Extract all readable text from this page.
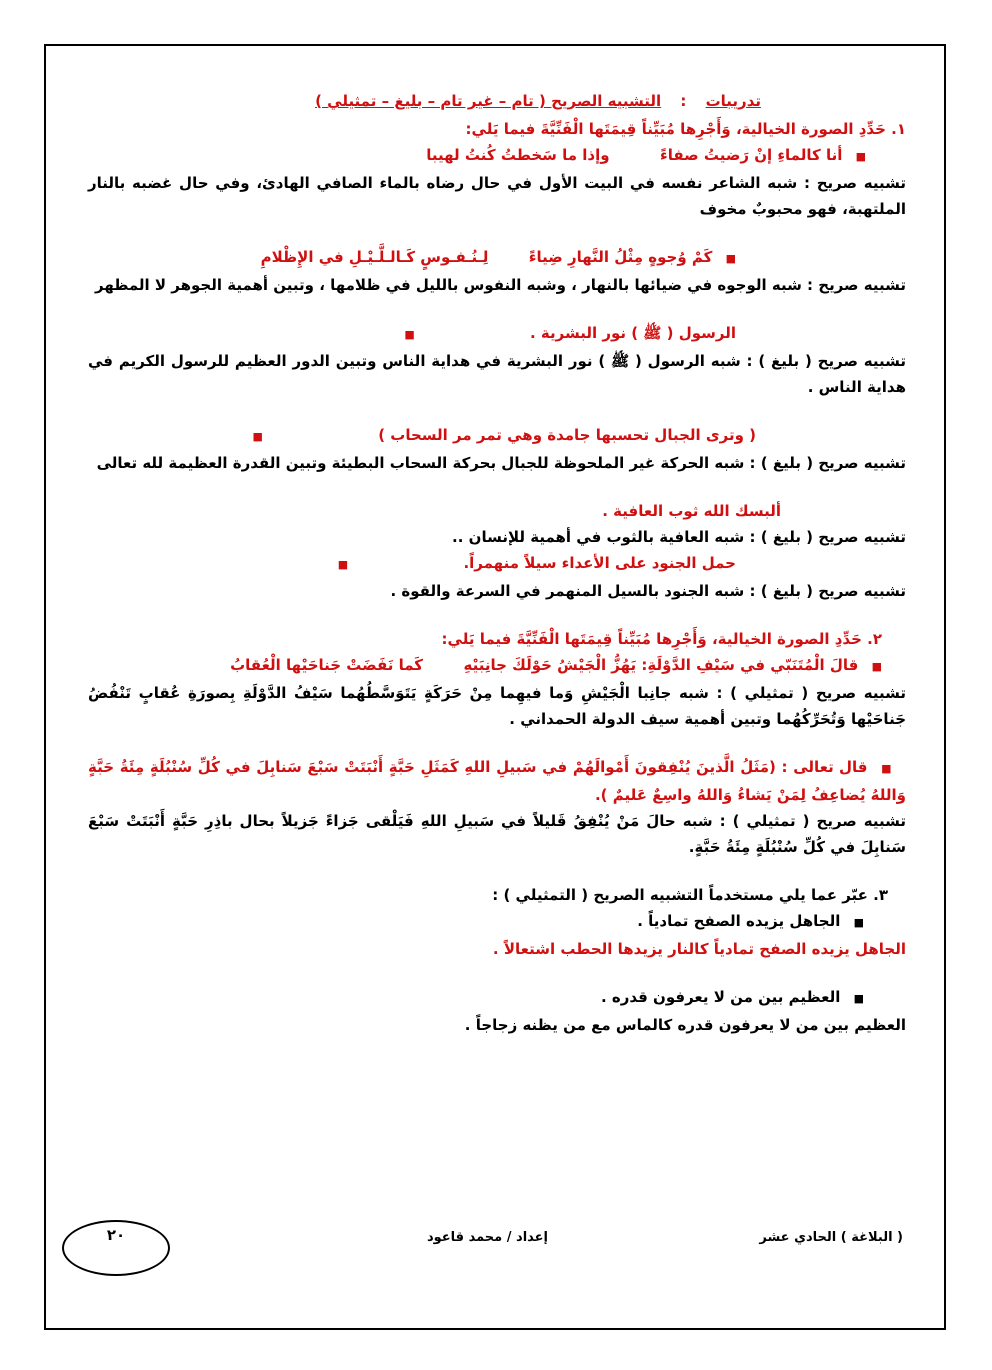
تدريبات : التشبيه الصريح ( تام – غير تام – بليغ – تمثيلي )
١. حَدِّدِ الصورة الخيالية، وَأَجْرِها مُبَيِّناً قِيمَتَها الْفَنِّيَّةَ فيما يَلي:
■ أنا كالماءِ إنْ رَضيتُ صفاءً  وإذا ما سَخطتُ كُنتُ لهيبا
تشبيه صريح : شبه الشاعر نفسه في البيت الأول في حال رضاه بالماء الصافي الهادئ، وفي حال غضبه بالنار الملتهبة، فهو محبوبٌ مخوف
■ كَمْ وُجوهٍ مِثْلُ النَّهارِ ضِياءً  لِـنُـفـوسٍ كَـالـلَّـيْـلِ في الإِظْلامِ
تشبيه صريح : شبه الوجوه في ضيائها بالنهار ، وشبه النفوس بالليل في ظلامها ، وتبين أهمية الجوهر لا المظهر
الرسول ( ﷺ ) نور البشرية . ■
تشبيه صريح ( بليغ ) : شبه الرسول ( ﷺ ) نور البشرية في هداية الناس وتبين الدور العظيم للرسول الكريم في هداية الناس .
( وترى الجبال تحسبها جامدة وهي تمر مر السحاب ) ■
تشبيه صريح ( بليغ ) : شبه الحركة غير الملحوظة للجبال بحركة السحاب البطيئة وتبين القدرة العظيمة لله تعالى
ألبسك الله ثوب العافية .
تشبيه صريح ( بليغ ) : شبه العافية بالثوب في أهمية للإنسان ..
حمل الجنود على الأعداء سيلاً منهمراً. ■
تشبيه صريح ( بليغ ) : شبه الجنود بالسيل المنهمر في السرعة والقوة .
٢. حَدِّدِ الصورة الخيالية، وَأَجْرِها مُبَيِّناً قِيمَتَها الْفَنِّيَّةَ فيما يَلي:
■ قالَ الْمُتَنَبّي في سَيْفِ الدَّوْلَةِ: يَهُزُّ الْجَيْشُ حَوْلَكَ جانِبَيْهِ  كَما نَفَضَتْ جَناحَيْها الْعُقابُ
تشبيه صريح ( تمثيلي ) : شبه جانِبا الْجَيْشِ وَما فيهِما مِنْ حَرَكَةٍ يَتَوَسَّطُهُما سَيْفُ الدَّوْلَةِ بِصورَةِ عُقابٍ تَنْفُضُ جَناحَيْها وَتُحَرِّكُهُما وتبين أهمية سيف الدولة الحمداني .
■ قال تعالى : (مَثَلُ الَّذينَ يُنْفِقونَ أَمْوالَهُمْ في سَبيلِ اللهِ كَمَثَلِ حَبَّةٍ أَنْبَتَتْ سَبْعَ سَنابِلَ في كُلِّ سُنْبُلَةٍ مِئَةُ حَبَّةٍ وَاللهُ يُضاعِفُ لِمَنْ يَشاءُ وَاللهُ واسِعٌ عَليمٌ ).
تشبيه صريح ( تمثيلي ) : شبه حالَ مَنْ يُنْفِقُ قَليلاً في سَبيلِ اللهِ فَيَلْقى جَزاءً جَزيلاً بحال باذِرِ حَبَّةٍ أَنْبَتَتْ سَبْعَ سَنابِلَ في كُلِّ سُنْبُلَةٍ مِئَةُ حَبَّةٍ.
٣. عبّر عما يلي مستخدماً التشبيه الصريح ( التمثيلي ) :
■ الجاهل يزيده الصفح تمادياً .
الجاهل يزيده الصفح تمادياً كالنار يزيدها الحطب اشتعالاً .
■ العظيم بين من لا يعرفون قدره .
العظيم بين من لا يعرفون قدره كالماس مع من يظنه زجاجاً .
( البلاغة ) الحادي عشر
إعداد / محمد قاعود
٢٠
